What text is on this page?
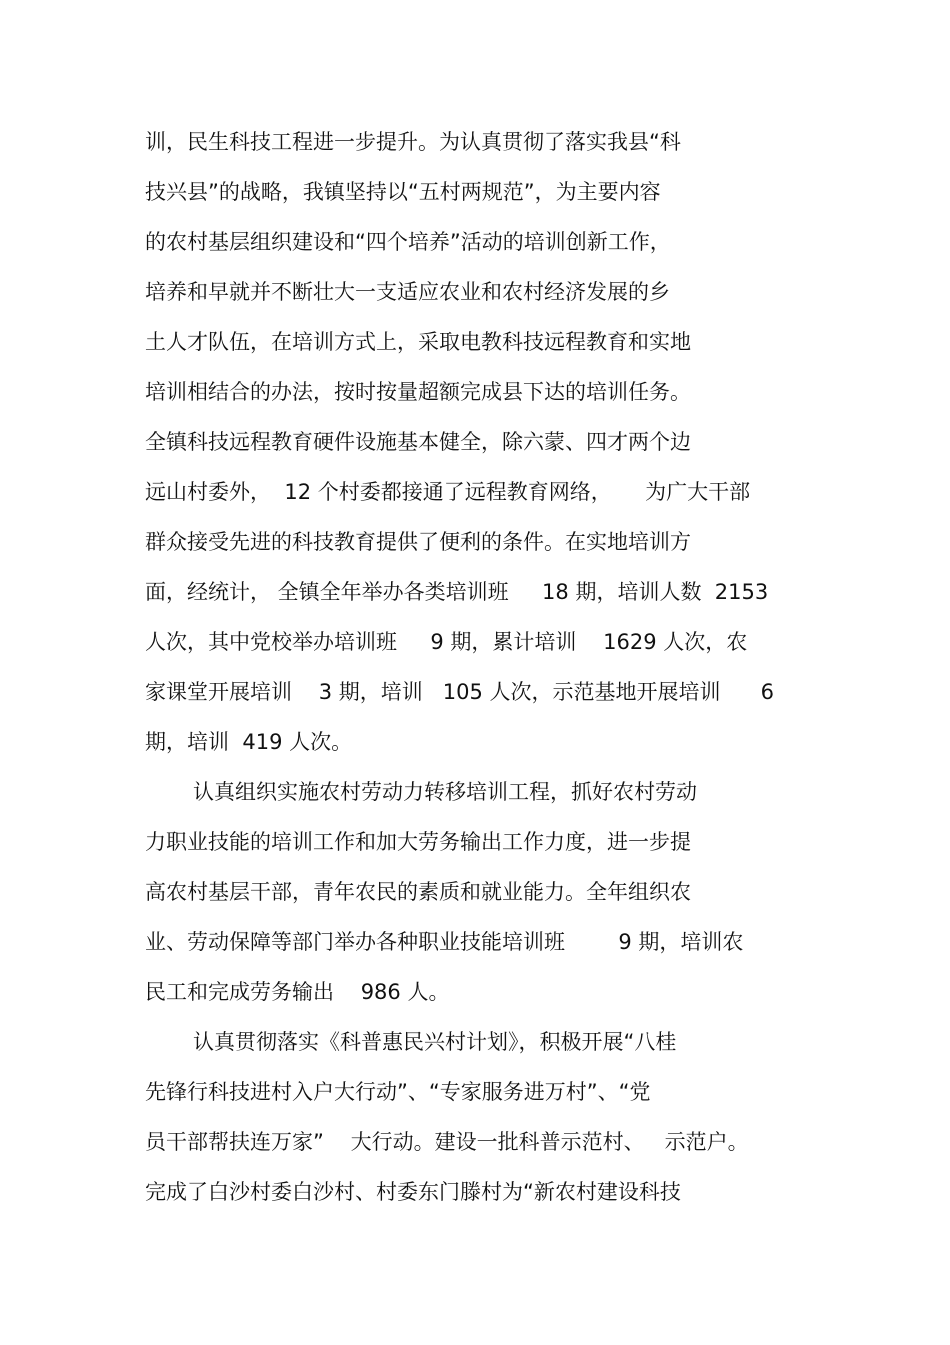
训，民生科技工程进一步提升。为认真贯彻了落实我县“科
技兴县”的战略，我镇坚持以“五村两规范”，为主要内容
的农村基层组织建设和“四个培养”活动的培训创新工作，
培养和早就并不断壮大一支适应农业和农村经济发展的乡
土人才队伍，在培训方式上，采取电教科技远程教育和实地
培训相结合的办法，按时按量超额完成县下达的培训任务。
全镇科技远程教育硬件设施基本健全，除六蒙、四才两个边
远山村委外，  12 个村委都接通了远程教育网络，     为广大干部
群众接受先进的科技教育提供了便利的条件。在实地培训方
面，经统计， 全镇全年举办各类培训班     18 期，培训人数  2153
人次，其中党校举办培训班     9 期，累计培训    1629 人次，农
家课堂开展培训    3 期，培训   105 人次，示范基地开展培训      6
期，培训  419 人次。
认真组织实施农村劳动力转移培训工程，抓好农村劳动
力职业技能的培训工作和加大劳务输出工作力度，进一步提
高农村基层干部，青年农民的素质和就业能力。全年组织农
业、劳动保障等部门举办各种职业技能培训班        9 期，培训农
民工和完成劳务输出    986 人。
认真贯彻落实《科普惠民兴村计划》，积极开展“八桂
先锋行科技进村入户大行动”、“专家服务进万村”、“党
员干部帮扶连万家”    大行动。建设一批科普示范村、   示范户。
完成了白沙村委白沙村、村委东门滕村为“新农村建设科技
